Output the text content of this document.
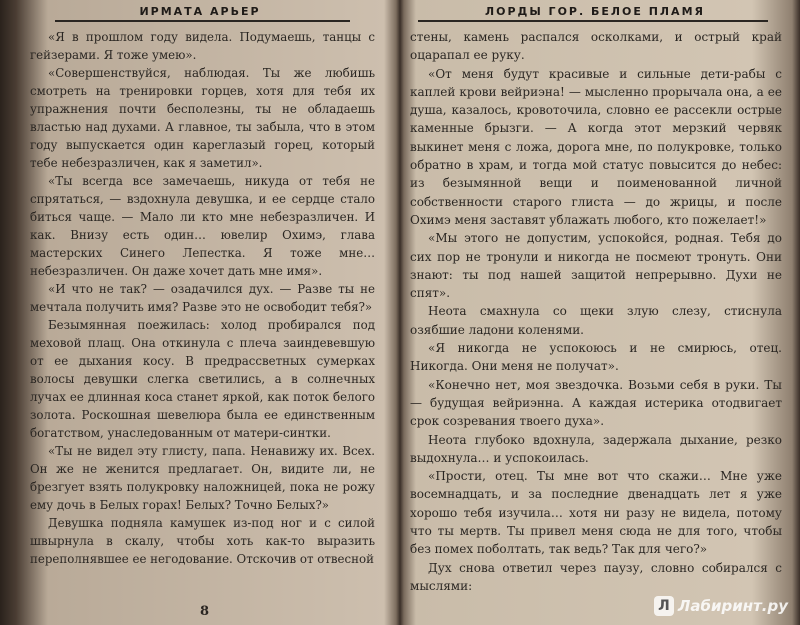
ИРМАТА АРЬЕР

«Я в прошлом году видела. Подумаешь, танцы с гейзерами. Я тоже умею».

«Совершенствуйся, наблюдая. Ты же любишь смотреть на тренировки горцев, хотя для тебя их упражнения почти бесполезны, ты не обладаешь властью над духами. А главное, ты забыла, что в этом году выпускается один кареглазый горец, который тебе небезразличен, как я заметил».

«Ты всегда все замечаешь, никуда от тебя не спрятаться, — вздохнула девушка, и ее сердце стало биться чаще. — Мало ли кто мне небезразличен. И как. Внизу есть один… ювелир Охимэ, глава мастерских Синего Лепестка. Я тоже мне… небезразличен. Он даже хочет дать мне имя».

«И что не так? — озадачился дух. — Разве ты не мечтала получить имя? Разве это не освободит тебя?»

Безымянная поежилась: холод пробирался под меховой плащ. Она откинула с плеча заиндевевшую от ее дыхания косу. В предрассветных сумерках волосы девушки слегка светились, а в солнечных лучах ее длинная коса станет яркой, как поток белого золота. Роскошная шевелюра была ее единственным богатством, унаследованным от матери-синтки.

«Ты не видел эту глисту, папа. Ненавижу их. Всех. Он же не женится предлагает. Он, видите ли, не брезгует взять полукровку наложницей, пока не рожу ему дочь в Белых горах! Белых? Точно Белых?»

Девушка подняла камушек из-под ног и с силой швырнула в скалу, чтобы хоть как-то выразить переполнявшее ее негодование. Отскочив от отвесной

8
ЛОРДЫ ГОР. БЕЛОЕ ПЛАМЯ

стены, камень распался осколками, и острый край оцарапал ее руку.

«От меня будут красивые и сильные дети-рабы с каплей крови вейриэна! — мысленно прорычала она, а ее душа, казалось, кровоточила, словно ее рассекли острые каменные брызги. — А когда этот мерзкий червяк выкинет меня с ложа, дорога мне, по полукровке, только обратно в храм, и тогда мой статус повысится до небес: из безымянной вещи и поименованной личной собственности старого глиста — до жрицы, и после Охимэ меня заставят ублажать любого, кто пожелает!»

«Мы этого не допустим, успокойся, родная. Тебя до сих пор не тронули и никогда не посмеют тронуть. Они знают: ты под нашей защитой непрерывно. Духи не спят».

Неота смахнула со щеки злую слезу, стиснула озябшие ладони коленями.

«Я никогда не успокоюсь и не смирюсь, отец. Никогда. Они меня не получат».

«Конечно нет, моя звездочка. Возьми себя в руки. Ты — будущая вейриэнна. А каждая истерика отодвигает срок созревания твоего духа».

Неота глубоко вдохнула, задержала дыхание, резко выдохнула… и успокоилась.

«Прости, отец. Ты мне вот что скажи… Мне уже восемнадцать, и за последние двенадцать лет я уже хорошо тебя изучила… хотя ни разу не видела, потому что ты мертв. Ты привел меня сюда не для того, чтобы без помех поболтать, так ведь? Так для чего?»

Дух снова ответил через паузу, словно собирался с мыслями:

Л Лабиринт.ру
